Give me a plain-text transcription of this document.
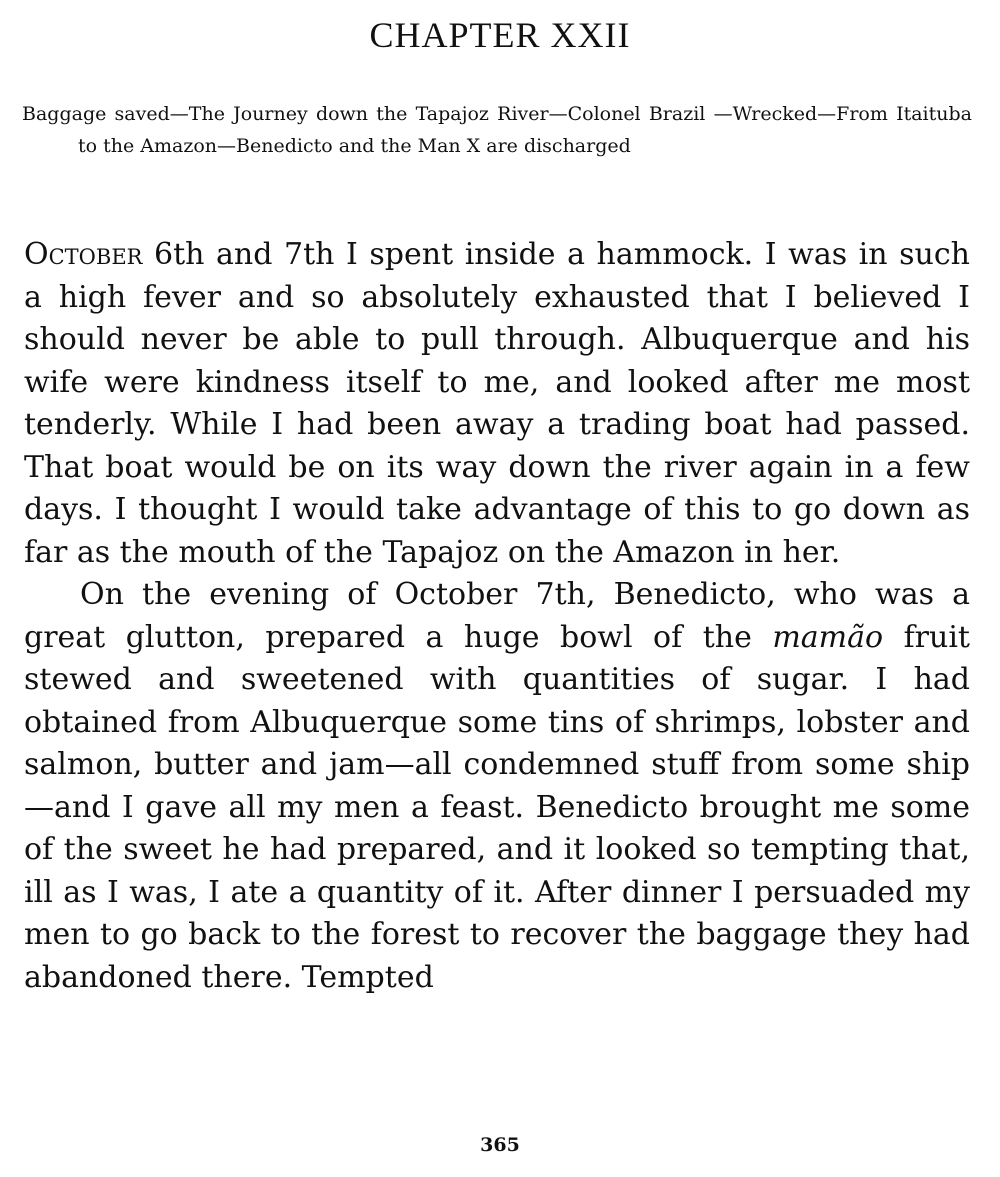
CHAPTER XXII
Baggage saved—The Journey down the Tapajoz River—Colonel Brazil —Wrecked—From Itaituba to the Amazon—Benedicto and the Man X are discharged

October 6th and 7th I spent inside a hammock. I was in such a high fever and so absolutely exhausted that I believed I should never be able to pull through. Albuquerque and his wife were kindness itself to me, and looked after me most tenderly. While I had been away a trading boat had passed. That boat would be on its way down the river again in a few days. I thought I would take advantage of this to go down as far as the mouth of the Tapajoz on the Amazon in her.

On the evening of October 7th, Benedicto, who was a great glutton, prepared a huge bowl of the mamão fruit stewed and sweetened with quantities of sugar. I had obtained from Albuquerque some tins of shrimps, lobster and salmon, butter and jam—all condemned stuff from some ship—and I gave all my men a feast. Benedicto brought me some of the sweet he had prepared, and it looked so tempting that, ill as I was, I ate a quantity of it. After dinner I persuaded my men to go back to the forest to recover the baggage they had abandoned there. Tempted

365
